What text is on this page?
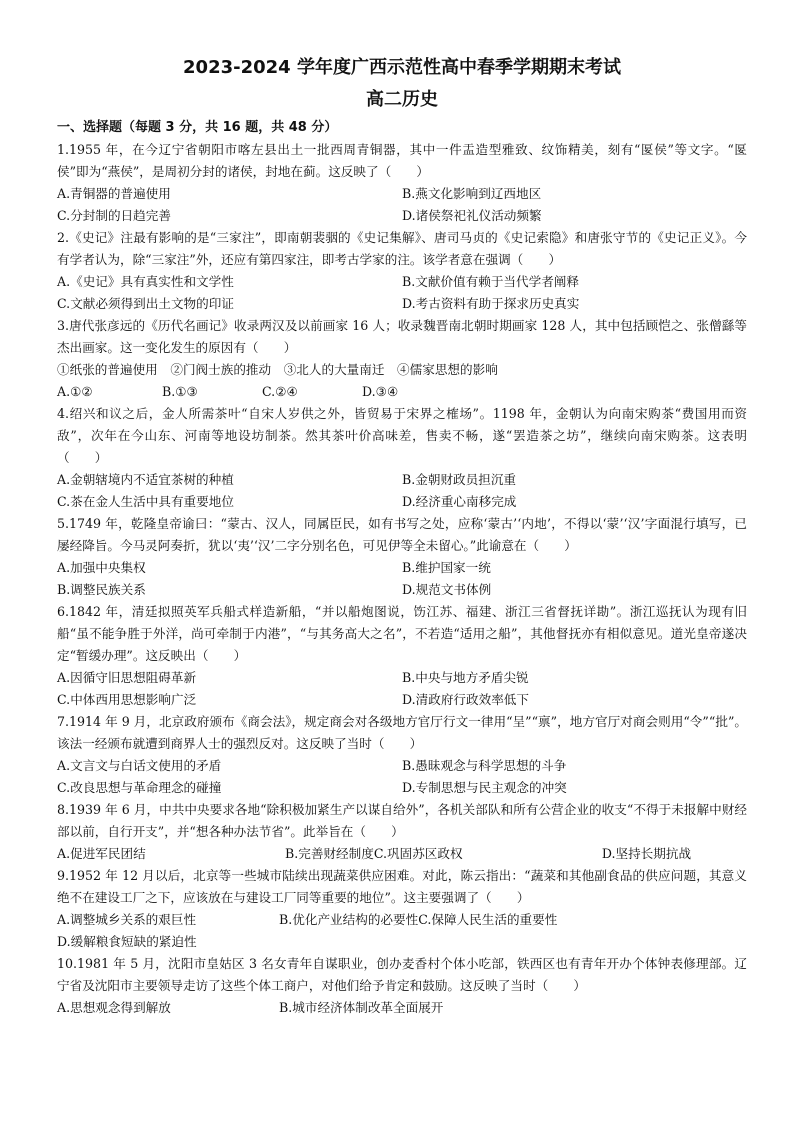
2023-2024 学年度广西示范性高中春季学期期末考试
高二历史

一、选择题（每题 3 分，共 16 题，共 48 分）

1.1955 年，在今辽宁省朝阳市喀左县出土一批西周青铜器，其中一件盂造型雅致、纹饰精美，刻有“匽侯”等文字。“匽侯”即为“燕侯”，是周初分封的诸侯，封地在蓟。这反映了（　　）

A.青铜器的普遍使用	B.燕文化影响到辽西地区
C.分封制的日趋完善	D.诸侯祭祀礼仪活动频繁

2.《史记》注最有影响的是“三家注”，即南朝裴骃的《史记集解》、唐司马贞的《史记索隐》和唐张守节的《史记正义》。今有学者认为，除“三家注”外，还应有第四家注，即考古学家的注。该学者意在强调（　　）

A.《史记》具有真实性和文学性	B.文献价值有赖于当代学者阐释
C.文献必须得到出土文物的印证	D.考古资料有助于探求历史真实

3.唐代张彦远的《历代名画记》收录两汉及以前画家 16 人；收录魏晋南北朝时期画家 128 人，其中包括顾恺之、张僧繇等杰出画家。这一变化发生的原因有（　　）

①纸张的普遍使用　②门阀士族的推动　③北人的大量南迁　④儒家思想的影响

A.①②	B.①③	C.②④	D.③④

4.绍兴和议之后，金人所需茶叶“自宋人岁供之外，皆贸易于宋界之榷场”。1198 年，金朝认为向南宋购茶“费国用而资敌”，次年在今山东、河南等地设坊制茶。然其茶叶价高味差，售卖不畅，遂“罢造茶之坊”，继续向南宋购茶。这表明（　　）

A.金朝辖境内不适宜茶树的种植	B.金朝财政员担沉重
C.茶在金人生活中具有重要地位	D.经济重心南移完成

5.1749 年，乾隆皇帝谕曰：“蒙古、汉人，同属臣民，如有书写之处，应称‘蒙古’‘内地’，不得以‘蒙’‘汉’字面混行填写，已屡经降旨。今马灵阿奏折，犹以‘夷’‘汉’二字分别名色，可见伊等全未留心。”此谕意在（　　）

A.加强中央集权	B.维护国家一统
B.调整民族关系	D.规范文书体例

6.1842 年，清廷拟照英军兵船式样造新船，“并以船炮图说，饬江苏、福建、浙江三省督抚详勘”。浙江巡抚认为现有旧船“虽不能争胜于外洋，尚可牵制于内港”，“与其务高大之名”，不若造“适用之船”，其他督抚亦有相似意见。道光皇帝遂决定“暂缓办理”。这反映出（　　）

A.因循守旧思想阻碍革新	B.中央与地方矛盾尖锐
C.中体西用思想影响广泛	D.清政府行政效率低下

7.1914 年 9 月，北京政府颁布《商会法》，规定商会对各级地方官厅行文一律用“呈”“禀”，地方官厅对商会则用“令”“批”。该法一经颁布就遭到商界人士的强烈反对。这反映了当时（　　）

A.文言文与白话文使用的矛盾	B.愚昧观念与科学思想的斗争
C.改良思想与革命理念的碰撞	D.专制思想与民主观念的冲突

8.1939 年 6 月，中共中央要求各地“除积极加紧生产以谋自给外”，各机关部队和所有公营企业的收支“不得于未报解中财经部以前，自行开支”，并“想各种办法节省”。此举旨在（　　）

A.促进军民团结	B.完善财经制度 C.巩固苏区政权	D.坚持长期抗战

9.1952 年 12 月以后，北京等一些城市陆续出现蔬菜供应困难。对此，陈云指出：“蔬菜和其他副食品的供应问题，其意义绝不在建设工厂之下，应该放在与建设工厂同等重要的地位”。这主要强调了（　　）

A.调整城乡关系的艰巨性	B.优化产业结构的必要性 C.保障人民生活的重要性
D.缓解粮食短缺的紧迫性

10.1981 年 5 月，沈阳市皇姑区 3 名女青年自谋职业，创办麦香村个体小吃部，铁西区也有青年开办个体钟表修理部。辽宁省及沈阳市主要领导走访了这些个体工商户，对他们给予肯定和鼓励。这反映了当时（　　）

A.思想观念得到解放	B.城市经济体制改革全面展开
